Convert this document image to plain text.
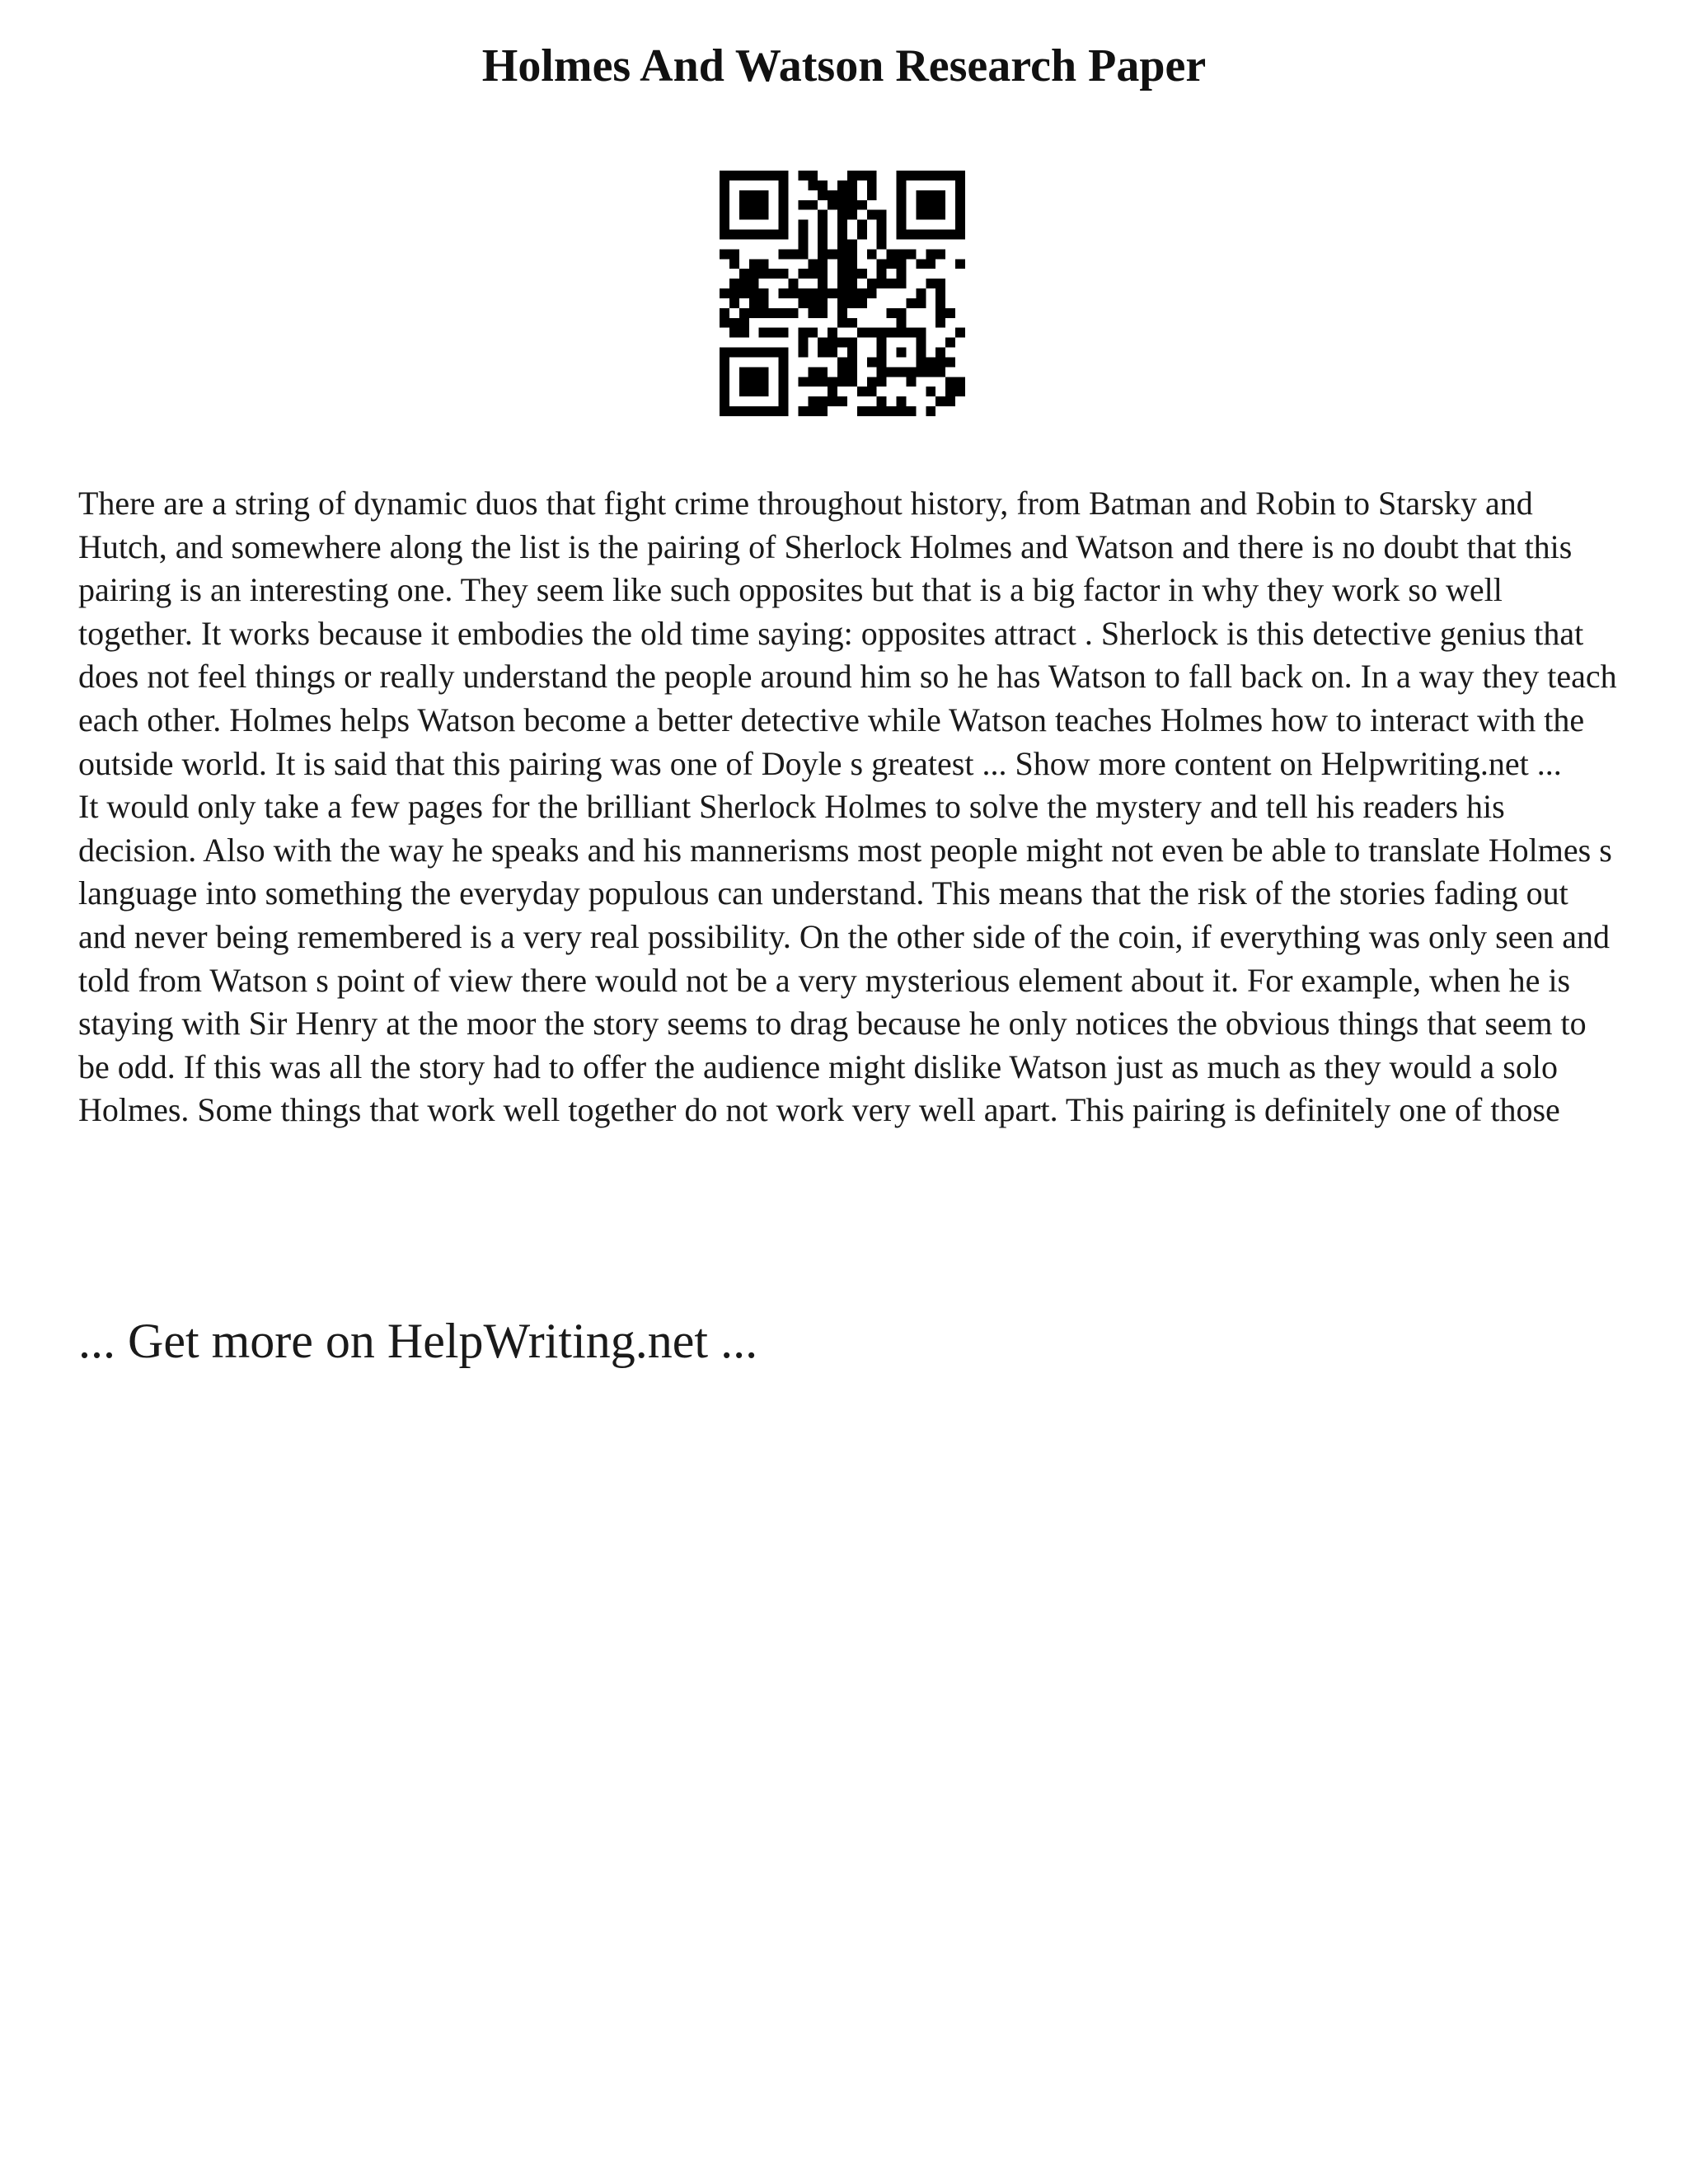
Holmes And Watson Research Paper

There are a string of dynamic duos that fight crime throughout history, from Batman and Robin to Starsky and Hutch, and somewhere along the list is the pairing of Sherlock Holmes and Watson and there is no doubt that this pairing is an interesting one. They seem like such opposites but that is a big factor in why they work so well together. It works because it embodies the old time saying: opposites attract . Sherlock is this detective genius that does not feel things or really understand the people around him so he has Watson to fall back on. In a way they teach each other. Holmes helps Watson become a better detective while Watson teaches Holmes how to interact with the outside world. It is said that this pairing was one of Doyle s greatest ... Show more content on Helpwriting.net ...

It would only take a few pages for the brilliant Sherlock Holmes to solve the mystery and tell his readers his decision. Also with the way he speaks and his mannerisms most people might not even be able to translate Holmes s language into something the everyday populous can understand. This means that the risk of the stories fading out and never being remembered is a very real possibility. On the other side of the coin, if everything was only seen and told from Watson s point of view there would not be a very mysterious element about it. For example, when he is staying with Sir Henry at the moor the story seems to drag because he only notices the obvious things that seem to be odd. If this was all the story had to offer the audience might dislike Watson just as much as they would a solo Holmes. Some things that work well together do not work very well apart. This pairing is definitely one of those

... Get more on HelpWriting.net ...
